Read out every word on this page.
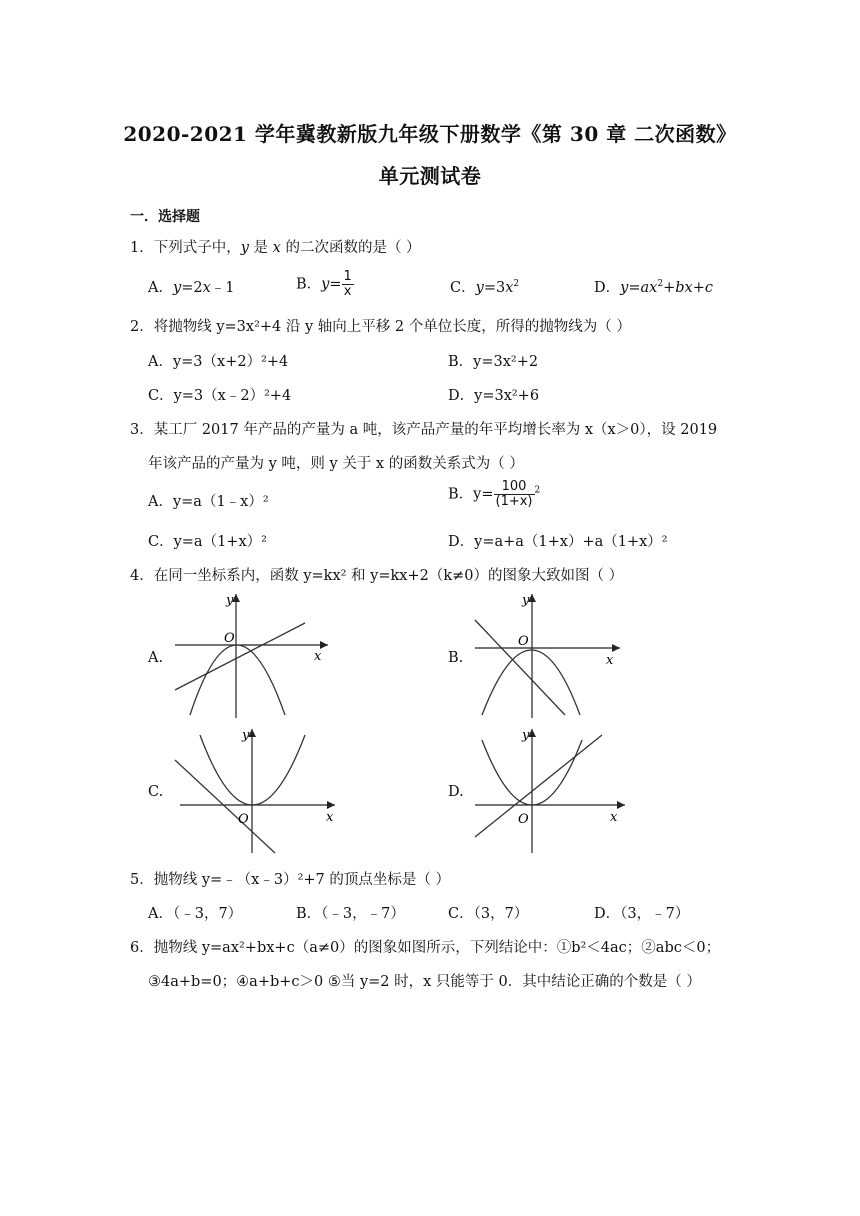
2020-2021 学年冀教新版九年级下册数学《第 30 章 二次函数》
单元测试卷
一．选择题
1．下列式子中，y 是 x 的二次函数的是（ ）
A．y=2x﹣1	B．$y= \frac{1}{x}$	C．$y=3x^2$	D．$y=ax^2+bx+c$
2．将抛物线 y=3x²+4 沿 y 轴向上平移 2 个单位长度，所得的抛物线为（ ）
A．y=3（x+2）²+4	B．y=3x²+2
C．y=3（x﹣2）²+4	D．y=3x²+6
3．某工厂 2017 年产品的产量为 a 吨，该产品产量的年平均增长率为 x（x＞0），设 2019
年该产品的产量为 y 吨，则 y 关于 x 的函数关系式为（ ）
A．y=a（1﹣x）²	B．$y= \frac{100}{(1+x)} ^2$
C．y=a（1+x）²	D．y=a+a（1+x）+a（1+x）²
4．在同一坐标系内，函数 y=kx² 和 y=kx+2（k≠0）的图象大致如图（ ）
A.	B.
C.	D.
O
x
y
O
x
y
O	x
y
O	x
y
5．抛物线 y=﹣（x﹣3）²+7 的顶点坐标是（ ）
A．（﹣3，7）	B．（﹣3，﹣7）	C．（3，7）	D．（3，﹣7）
6．抛物线 y=ax²+bx+c（a≠0）的图象如图所示，下列结论中：①b²＜4ac；②abc＜0；
③4a+b=0；④a+b+c＞0 ⑤当 y=2 时，x 只能等于 0．其中结论正确的个数是（ ）
